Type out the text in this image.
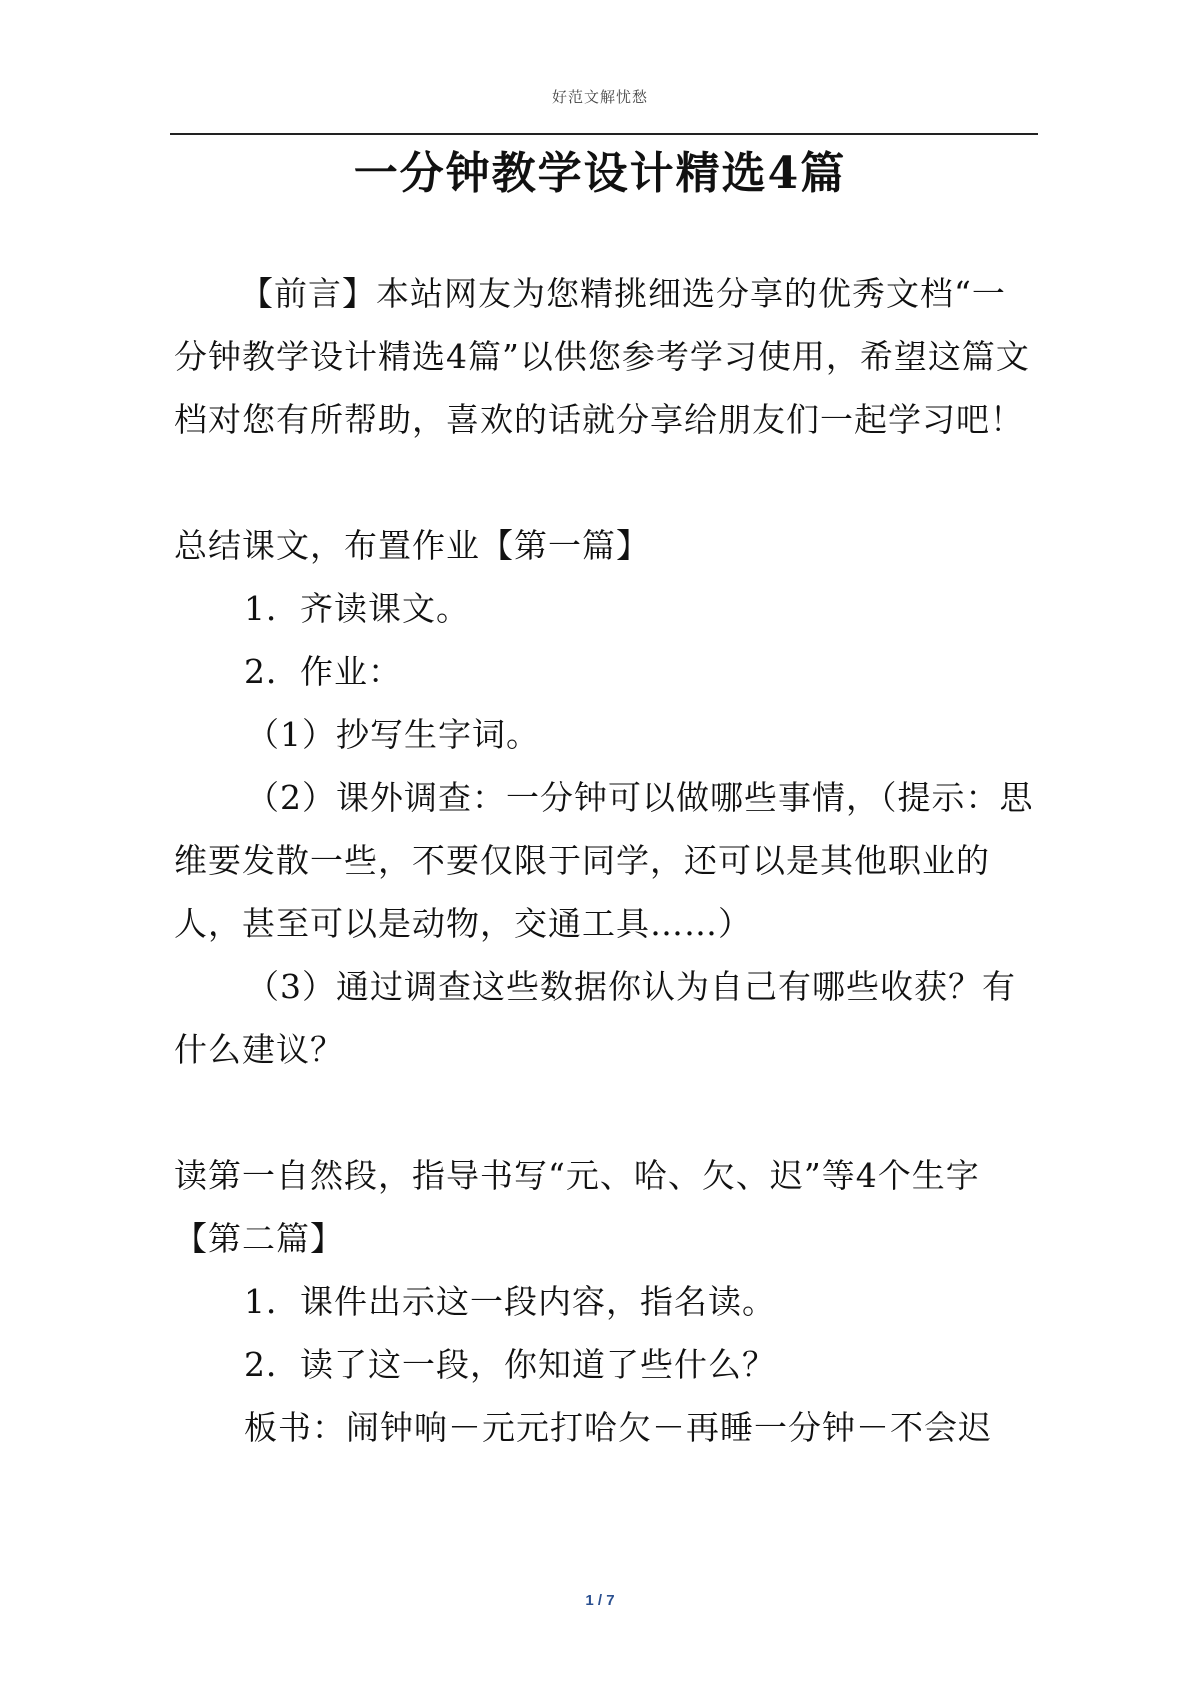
好范文解忧愁
一分钟教学设计精选4篇

【前言】本站网友为您精挑细选分享的优秀文档“一分钟教学设计精选4篇”以供您参考学习使用，希望这篇文档对您有所帮助，喜欢的话就分享给朋友们一起学习吧！

总结课文，布置作业【第一篇】

1．齐读课文。

2．作业：

（1）抄写生字词。

（2）课外调查：一分钟可以做哪些事情，（提示：思维要发散一些，不要仅限于同学，还可以是其他职业的人，甚至可以是动物，交通工具……）

（3）通过调查这些数据你认为自己有哪些收获？有什么建议？

读第一自然段，指导书写“元、哈、欠、迟”等4个生字【第二篇】

1．课件出示这一段内容，指名读。

2．读了这一段，你知道了些什么？

板书：闹钟响－元元打哈欠－再睡一分钟－不会迟

1 / 7
